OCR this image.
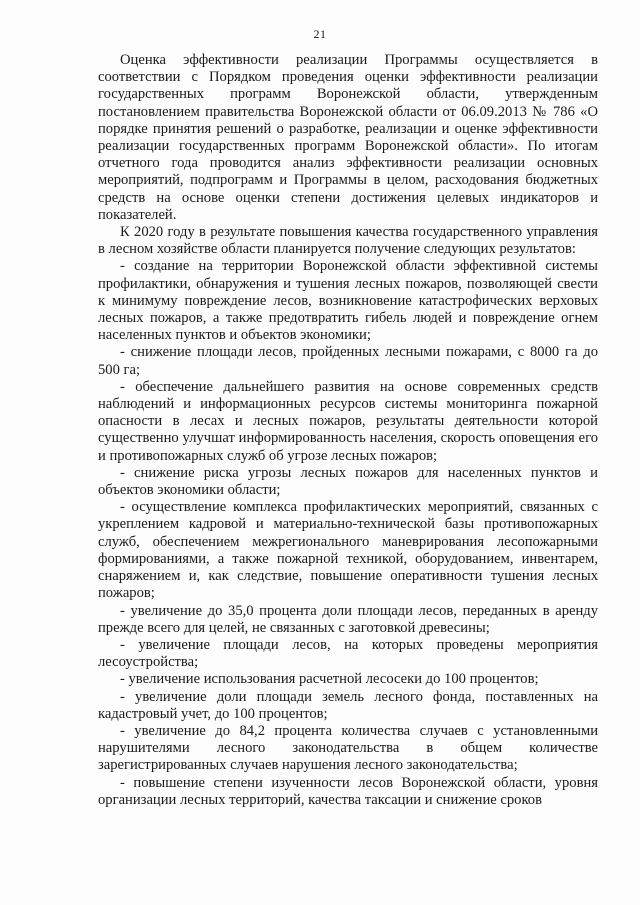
21

Оценка эффективности реализации Программы осуществляется в соответствии с Порядком проведения оценки эффективности реализации государственных программ Воронежской области, утвержденным постановлением правительства Воронежской области от 06.09.2013 № 786 «О порядке принятия решений о разработке, реализации и оценке эффективности реализации государственных программ Воронежской области». По итогам отчетного года проводится анализ эффективности реализации основных мероприятий, подпрограмм и Программы в целом, расходования бюджетных средств на основе оценки степени достижения целевых индикаторов и показателей.

К 2020 году в результате повышения качества государственного управления в лесном хозяйстве области планируется получение следующих результатов:

- создание на территории Воронежской области эффективной системы профилактики, обнаружения и тушения лесных пожаров, позволяющей свести к минимуму повреждение лесов, возникновение катастрофических верховых лесных пожаров, а также предотвратить гибель людей и повреждение огнем населенных пунктов и объектов экономики;

- снижение площади лесов, пройденных лесными пожарами, с 8000 га до 500 га;

- обеспечение дальнейшего развития на основе современных средств наблюдений и информационных ресурсов системы мониторинга пожарной опасности в лесах и лесных пожаров, результаты деятельности которой существенно улучшат информированность населения, скорость оповещения его и противопожарных служб об угрозе лесных пожаров;

- снижение риска угрозы лесных пожаров для населенных пунктов и объектов экономики области;

- осуществление комплекса профилактических мероприятий, связанных с укреплением кадровой и материально-технической базы противопожарных служб, обеспечением межрегионального маневрирования лесопожарными формированиями, а также пожарной техникой, оборудованием, инвентарем, снаряжением и, как следствие, повышение оперативности тушения лесных пожаров;

- увеличение до 35,0 процента доли площади лесов, переданных в аренду прежде всего для целей, не связанных с заготовкой древесины;

- увеличение площади лесов, на которых проведены мероприятия лесоустройства;

- увеличение использования расчетной лесосеки до 100 процентов;

- увеличение доли площади земель лесного фонда, поставленных на кадастровый учет, до 100 процентов;

- увеличение до 84,2 процента количества случаев с установленными нарушителями лесного законодательства в общем количестве зарегистрированных случаев нарушения лесного законодательства;

- повышение степени изученности лесов Воронежской области, уровня организации лесных территорий, качества таксации и снижение сроков
